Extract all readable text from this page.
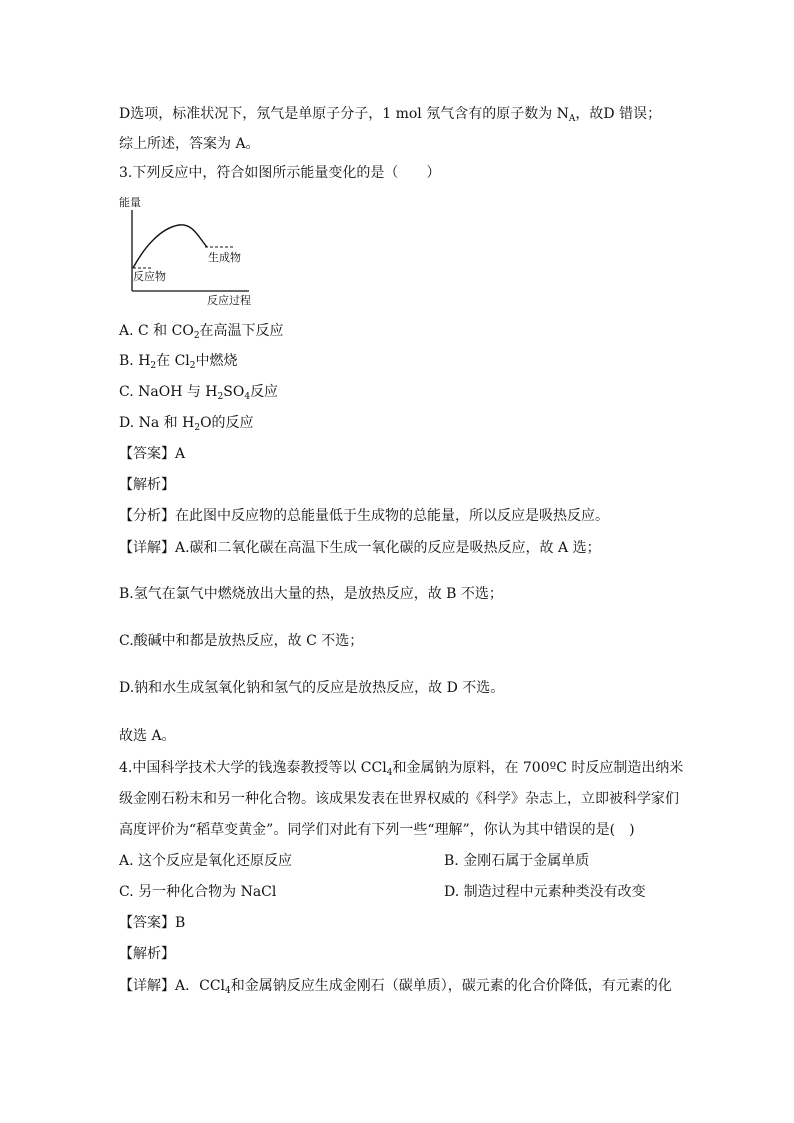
D选项，标准状况下，氖气是单原子分子，1 mol 氖气含有的原子数为 $N_A$，故D 错误；
综上所述，答案为 A。
3.下列反应中，符合如图所示能量变化的是（　　）
能量
生成物
反应物
反应过程
A. C 和 $CO_2$在高温下反应
B. $H_2$在 $Cl_2$中燃烧
C. NaOH 与 $H_2SO_4$反应
D. Na 和 $H_2O$的反应
【答案】A
【解析】
【分析】在此图中反应物的总能量低于生成物的总能量，所以反应是吸热反应。
【详解】A.碳和二氧化碳在高温下生成一氧化碳的反应是吸热反应，故 A 选；
B.氢气在氯气中燃烧放出大量的热，是放热反应，故 B 不选；
C.酸碱中和都是放热反应，故 C 不选；
D.钠和水生成氢氧化钠和氢气的反应是放热反应，故 D 不选。
故选 A。
4.中国科学技术大学的钱逸泰教授等以 CCl$_4$和金属钠为原料，在 700ºC 时反应制造出纳米
级金刚石粉末和另一种化合物。该成果发表在世界权威的《科学》杂志上，立即被科学家们
高度评价为“稻草变黄金”。同学们对此有下列一些“理解”，你认为其中错误的是(　)
A. 这个反应是氧化还原反应	B. 金刚石属于金属单质
C. 另一种化合物为 NaCl	D. 制造过程中元素种类没有改变
【答案】B
【解析】
【详解】A．CCl$_4$和金属钠反应生成金刚石（碳单质），碳元素的化合价降低，有元素的化
